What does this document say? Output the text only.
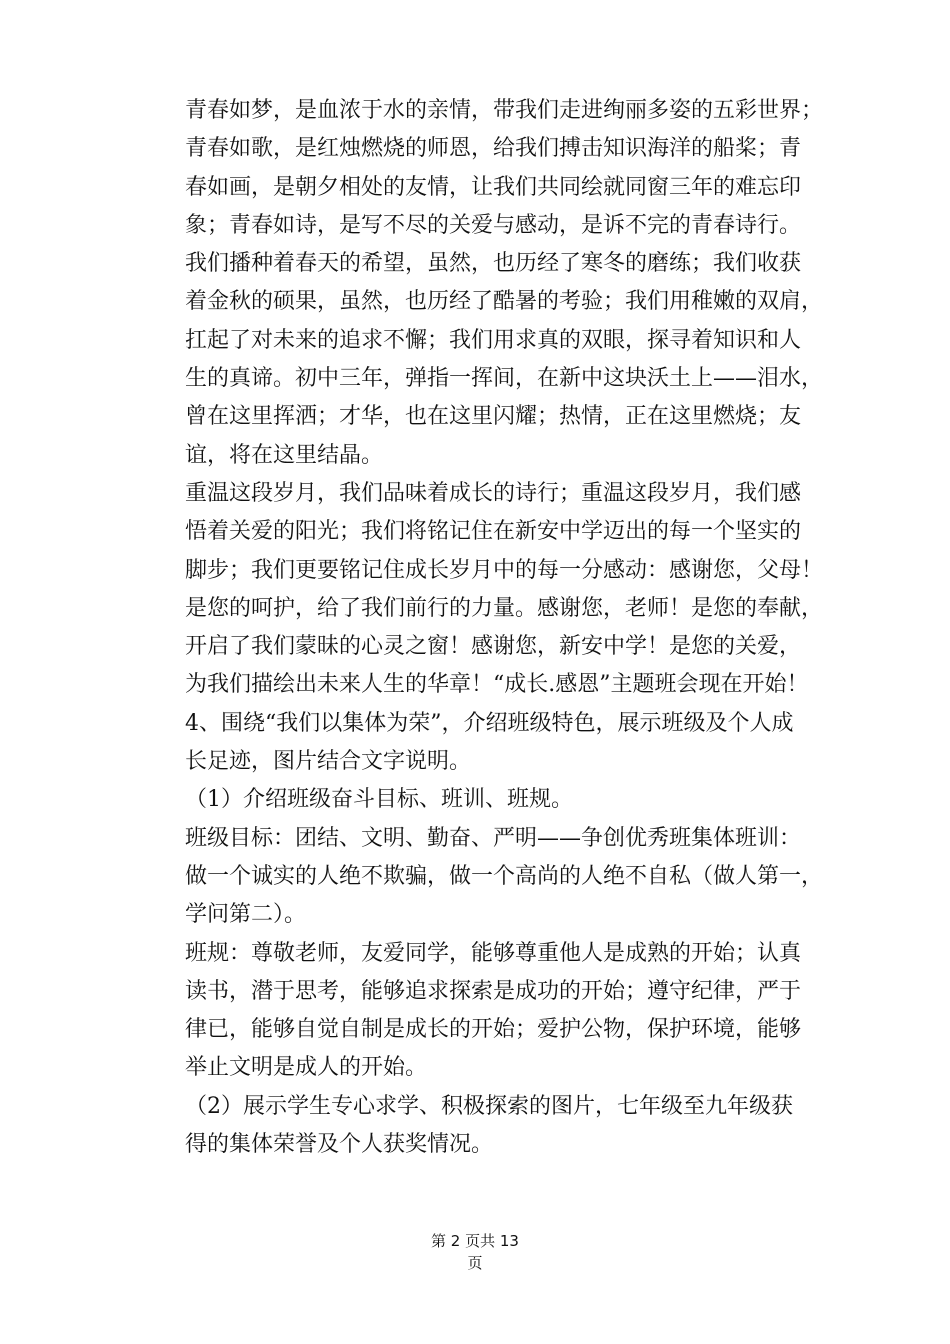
青春如梦，是血浓于水的亲情，带我们走进绚丽多姿的五彩世界；
青春如歌，是红烛燃烧的师恩，给我们搏击知识海洋的船桨；青
春如画，是朝夕相处的友情，让我们共同绘就同窗三年的难忘印
象；青春如诗，是写不尽的关爱与感动，是诉不完的青春诗行。
我们播种着春天的希望，虽然，也历经了寒冬的磨练；我们收获
着金秋的硕果，虽然，也历经了酷暑的考验；我们用稚嫩的双肩，
扛起了对未来的追求不懈；我们用求真的双眼，探寻着知识和人
生的真谛。初中三年，弹指一挥间，在新中这块沃土上——泪水，
曾在这里挥洒；才华，也在这里闪耀；热情，正在这里燃烧；友
谊，将在这里结晶。
重温这段岁月，我们品味着成长的诗行；重温这段岁月，我们感
悟着关爱的阳光；我们将铭记住在新安中学迈出的每一个坚实的
脚步；我们更要铭记住成长岁月中的每一分感动：感谢您，父母！
是您的呵护，给了我们前行的力量。感谢您，老师！是您的奉献，
开启了我们蒙昧的心灵之窗！感谢您，新安中学！是您的关爱，
为我们描绘出未来人生的华章！“成长.感恩”主题班会现在开始！
4、围绕“我们以集体为荣”，介绍班级特色，展示班级及个人成
长足迹，图片结合文字说明。
（1）介绍班级奋斗目标、班训、班规。
班级目标：团结、文明、勤奋、严明——争创优秀班集体班训：
做一个诚实的人绝不欺骗，做一个高尚的人绝不自私（做人第一，
学问第二）。
班规：尊敬老师，友爱同学，能够尊重他人是成熟的开始；认真
读书，潜于思考，能够追求探索是成功的开始；遵守纪律，严于
律已，能够自觉自制是成长的开始；爱护公物，保护环境，能够
举止文明是成人的开始。
（2）展示学生专心求学、积极探索的图片，七年级至九年级获
得的集体荣誉及个人获奖情况。
第 2 页共 13
页
